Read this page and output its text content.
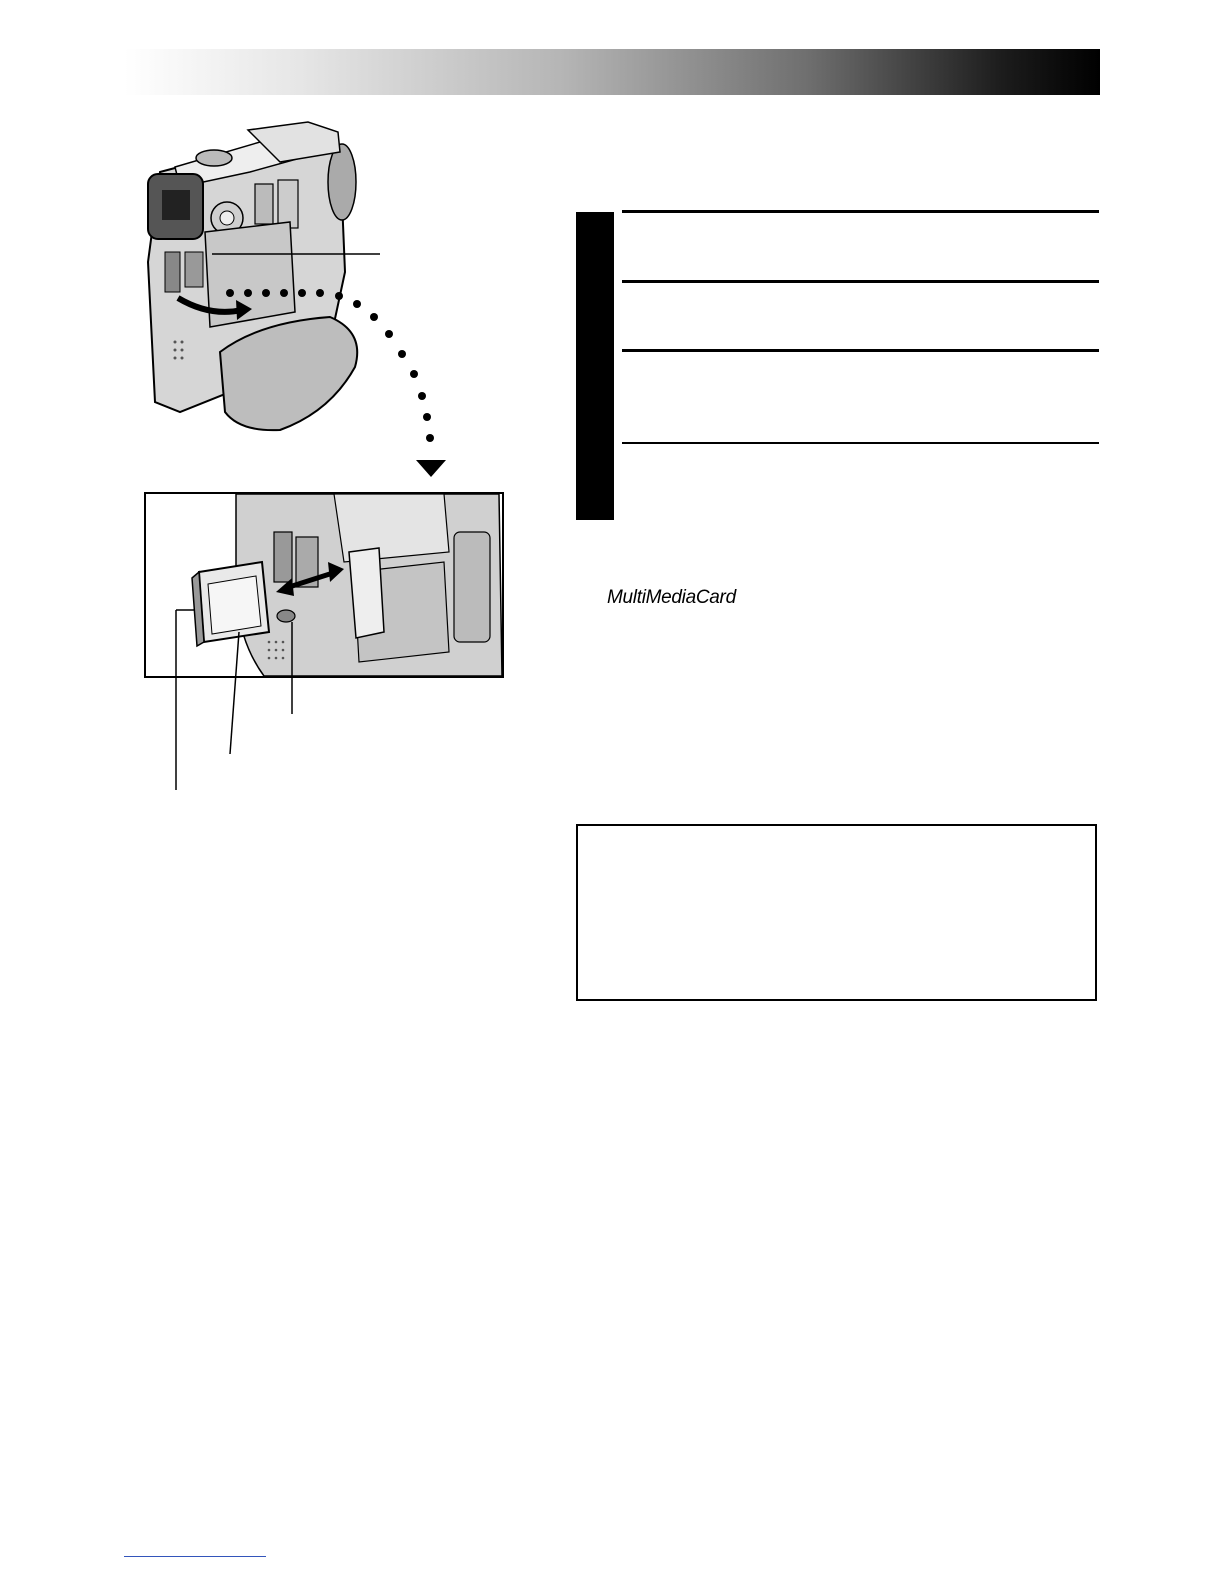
MultiMediaCard
